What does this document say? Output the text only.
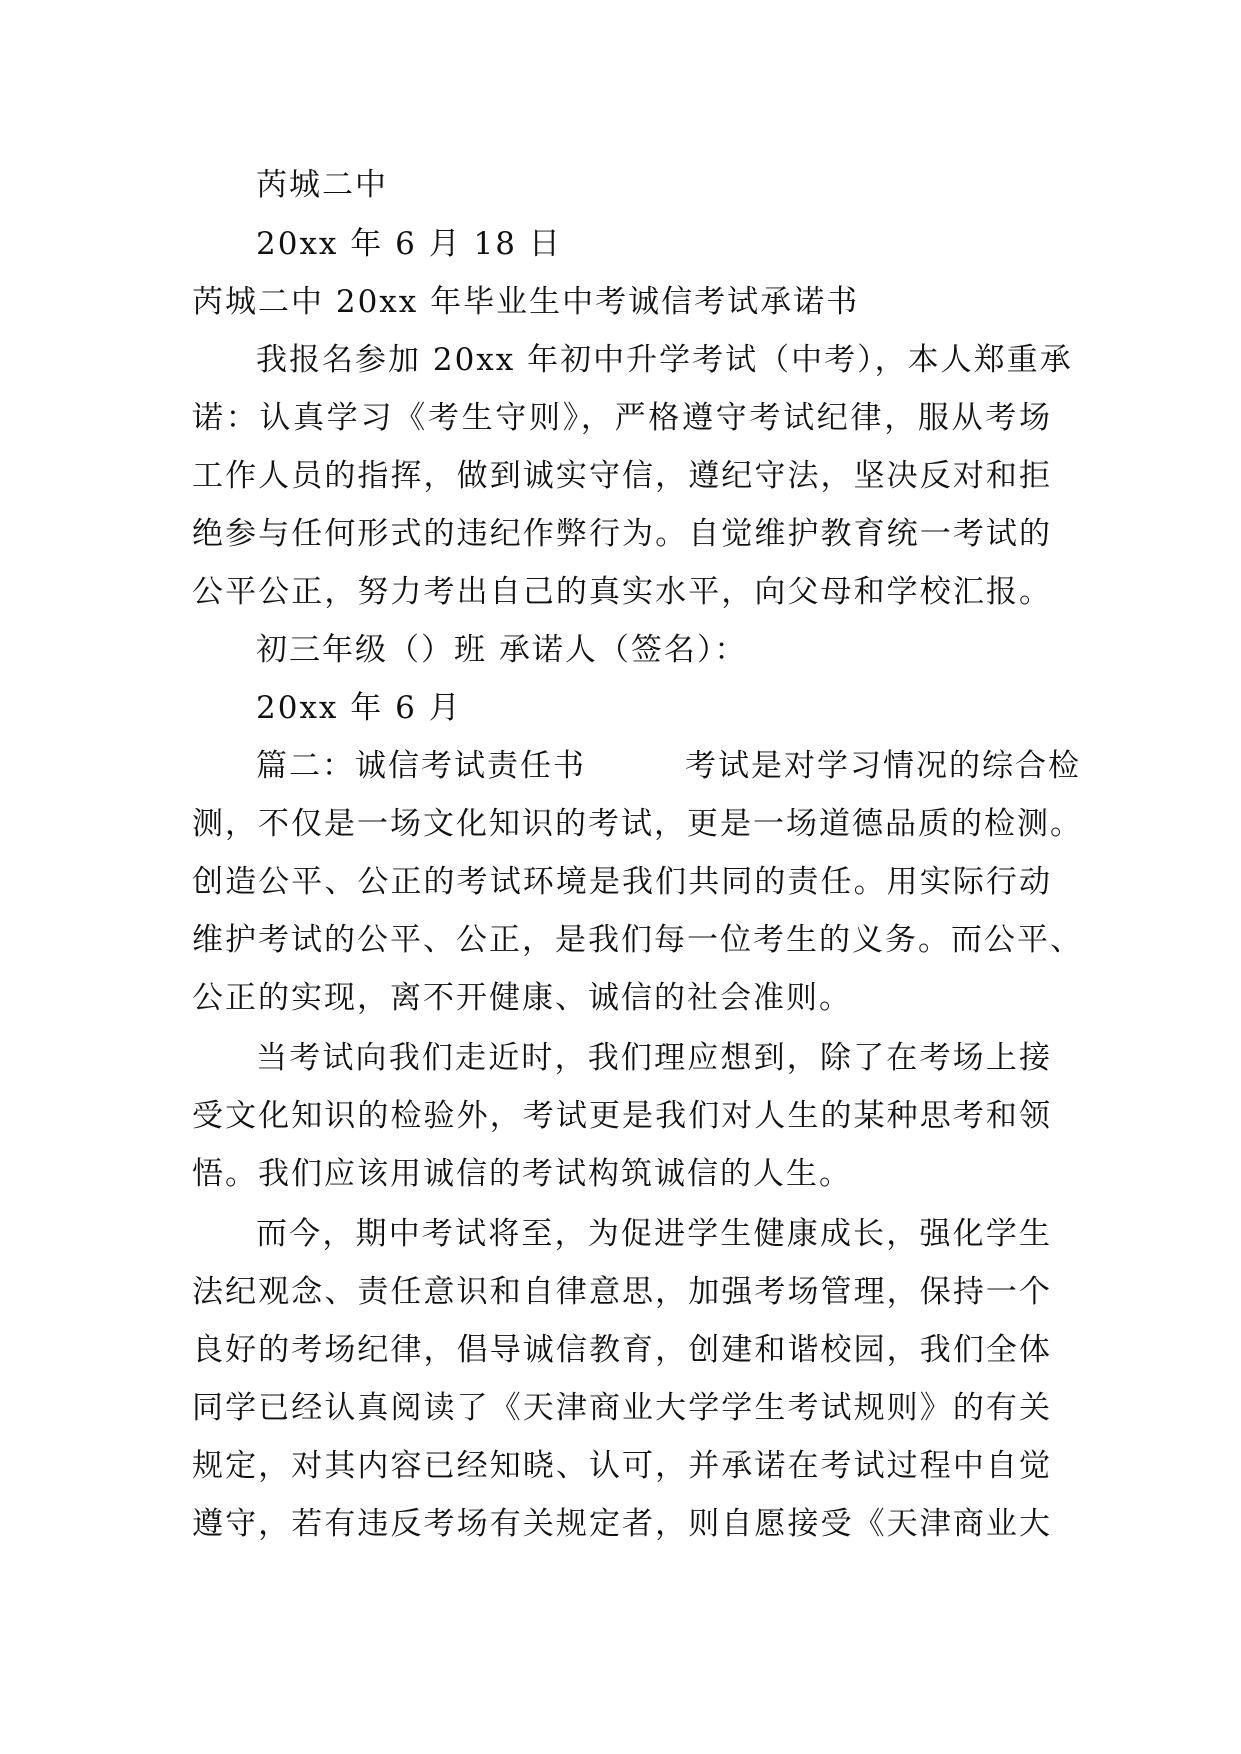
芮城二中
20xx 年 6 月 18 日
芮城二中 20xx 年毕业生中考诚信考试承诺书
我报名参加 20xx 年初中升学考试（中考），本人郑重承
诺：认真学习《考生守则》，严格遵守考试纪律，服从考场
工作人员的指挥，做到诚实守信，遵纪守法，坚决反对和拒
绝参与任何形式的违纪作弊行为。自觉维护教育统一考试的
公平公正，努力考出自己的真实水平，向父母和学校汇报。
初三年级（）班 承诺人（签名）：
20xx 年 6 月
篇二：诚信考试责任书　　　考试是对学习情况的综合检
测，不仅是一场文化知识的考试，更是一场道德品质的检测。
创造公平、公正的考试环境是我们共同的责任。用实际行动
维护考试的公平、公正，是我们每一位考生的义务。而公平、
公正的实现，离不开健康、诚信的社会准则。
当考试向我们走近时，我们理应想到，除了在考场上接
受文化知识的检验外，考试更是我们对人生的某种思考和领
悟。我们应该用诚信的考试构筑诚信的人生。
而今，期中考试将至，为促进学生健康成长，强化学生
法纪观念、责任意识和自律意思，加强考场管理，保持一个
良好的考场纪律，倡导诚信教育，创建和谐校园，我们全体
同学已经认真阅读了《天津商业大学学生考试规则》的有关
规定，对其内容已经知晓、认可，并承诺在考试过程中自觉
遵守，若有违反考场有关规定者，则自愿接受《天津商业大
